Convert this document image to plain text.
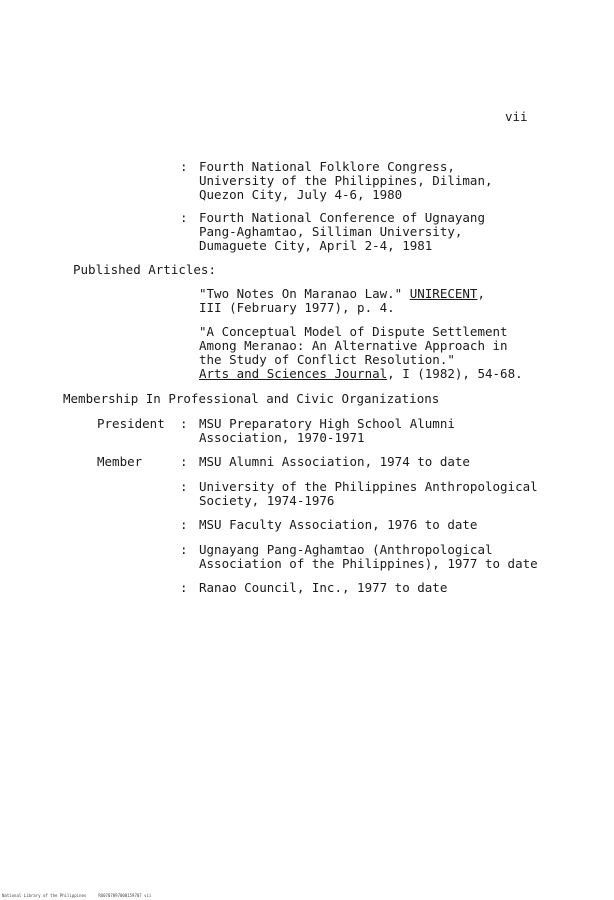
vii
: Fourth National Folklore Congress,
University of the Philippines, Diliman,
Quezon City, July 4-6, 1980
: Fourth National Conference of Ugnayang
Pang-Aghamtao, Silliman University,
Dumaguete City, April 2-4, 1981
Published Articles:
"Two Notes On Maranao Law." UNIRECENT,
III (February 1977), p. 4.
"A Conceptual Model of Dispute Settlement
Among Meranao: An Alternative Approach in
the Study of Conflict Resolution."
Arts and Sciences Journal, I (1982), 54-68.
Membership In Professional and Civic Organizations
President : MSU Preparatory High School Alumni
Association, 1970-1971
Member	: MSU Alumni Association, 1974 to date
: University of the Philippines Anthropological
Society, 1974-1976
: MSU Faculty Association, 1976 to date
: Ugnayang Pang-Aghamtao (Anthropological
Association of the Philippines), 1977 to date
: Ranao Council, Inc., 1977 to date
National Library of the Philippines     RU0707097000159707 vii
